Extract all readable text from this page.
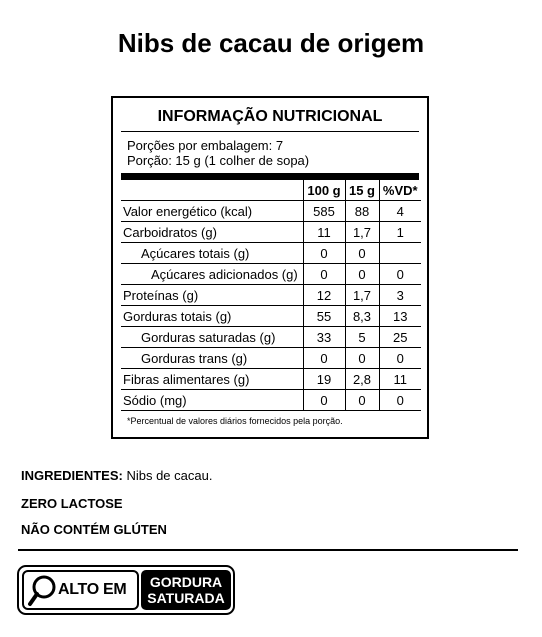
Nibs de cacau de origem
INFORMAÇÃO NUTRICIONAL
Porções por embalagem: 7
Porção: 15 g (1 colher de sopa)
	100 g	15 g	%VD*
Valor energético (kcal)	585	88	4
Carboidratos (g)	11	1,7	1
Açúcares totais (g)	0	0	
Açúcares adicionados (g)	0	0	0
Proteínas (g)	12	1,7	3
Gorduras totais (g)	55	8,3	13
Gorduras saturadas (g)	33	5	25
Gorduras trans (g)	0	0	0
Fibras alimentares (g)	19	2,8	11
Sódio (mg)	0	0	0
*Percentual de valores diários fornecidos pela porção.
INGREDIENTES: Nibs de cacau.
ZERO LACTOSE
NÃO CONTÉM GLÚTEN
ALTO EM	GORDURA
SATURADA
